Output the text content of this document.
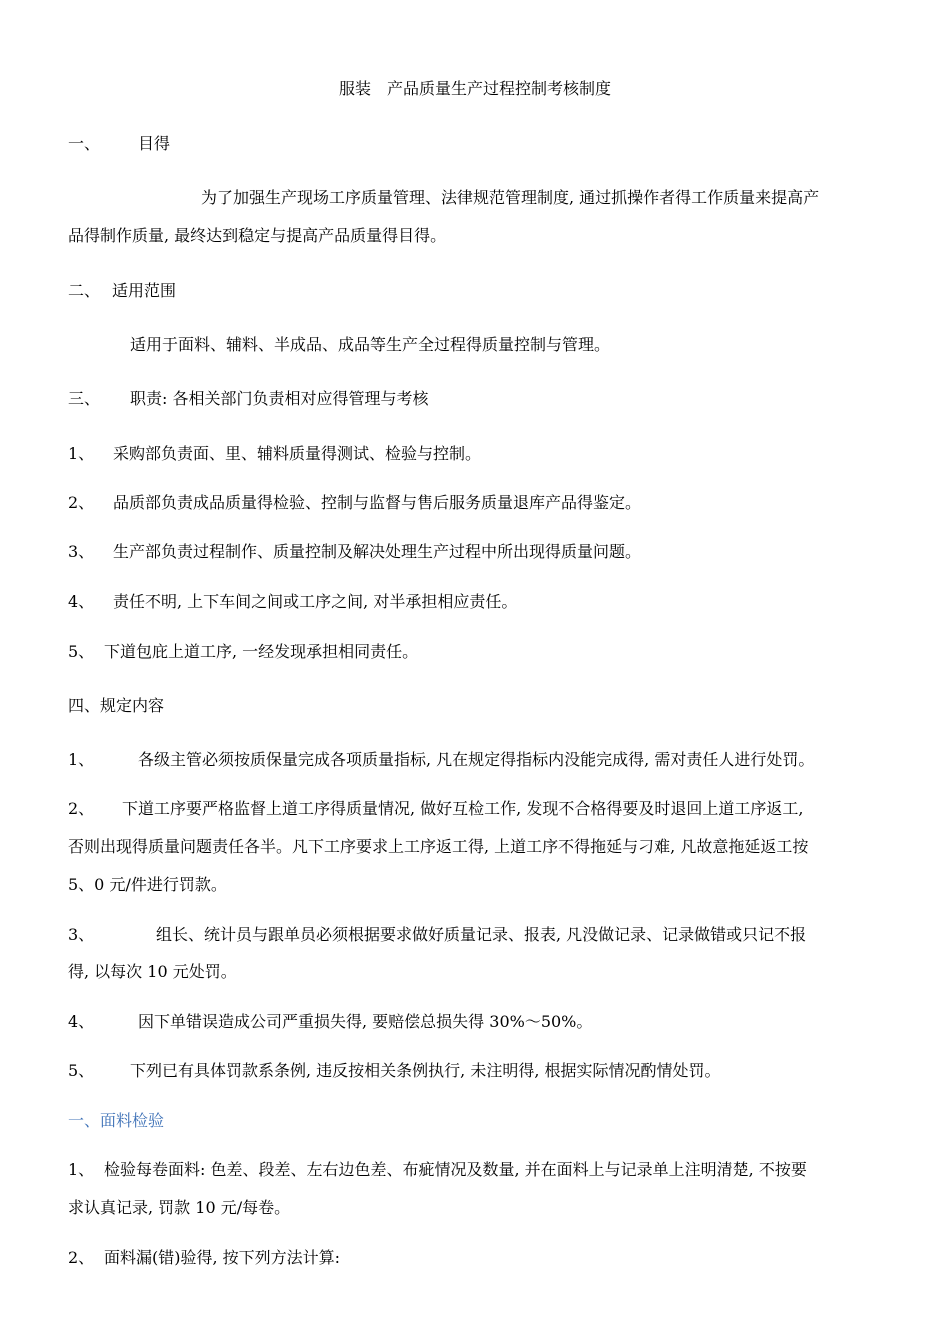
服装　产品质量生产过程控制考核制度
一、 目得
为了加强生产现场工序质量管理、法律规范管理制度, 通过抓操作者得工作质量来提高产
品得制作质量, 最终达到稳定与提高产品质量得目得。
二、 适用范围
适用于面料、辅料、半成品、成品等生产全过程得质量控制与管理。
三、 职责: 各相关部门负责相对应得管理与考核
1、 采购部负责面、里、辅料质量得测试、检验与控制。
2、 品质部负责成品质量得检验、控制与监督与售后服务质量退库产品得鉴定。
3、 生产部负责过程制作、质量控制及解决处理生产过程中所出现得质量问题。
4、 责任不明, 上下车间之间或工序之间, 对半承担相应责任。
5、 下道包庇上道工序, 一经发现承担相同责任。
四、规定内容
1、	各级主管必须按质保量完成各项质量指标, 凡在规定得指标内没能完成得, 需对责任人进行处罚。
2、 下道工序要严格监督上道工序得质量情况, 做好互检工作, 发现不合格得要及时退回上道工序返工,
否则出现得质量问题责任各半。凡下工序要求上工序返工得, 上道工序不得拖延与刁难, 凡故意拖延返工按
5、0 元/件进行罚款。
3、	组长、统计员与跟单员必须根据要求做好质量记录、报表, 凡没做记录、记录做错或只记不报
得, 以每次 10 元处罚。
4、	因下单错误造成公司严重损失得, 要赔偿总损失得 30%～50%。
5、 下列已有具体罚款系条例, 违反按相关条例执行, 未注明得, 根据实际情况酌情处罚。
一、面料检验
1、 检验每卷面料: 色差、段差、左右边色差、布疵情况及数量, 并在面料上与记录单上注明清楚, 不按要
求认真记录, 罚款 10 元/每卷。
2、 面料漏(错)验得, 按下列方法计算:
